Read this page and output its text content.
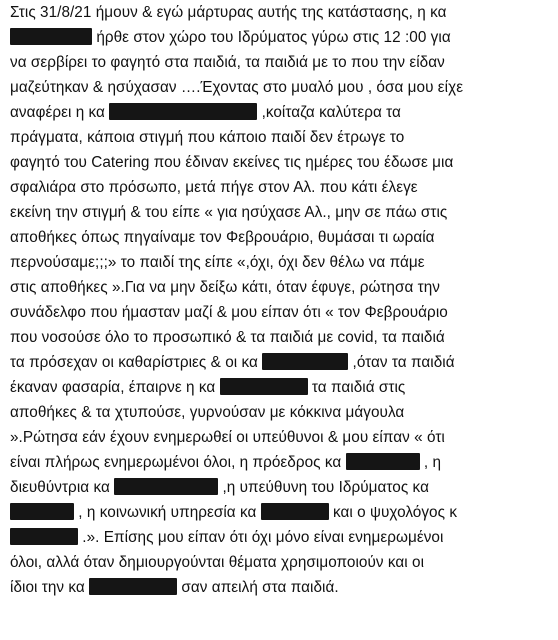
Στις 31/8/21 ήμουν & εγώ μάρτυρας αυτής της κατάστασης, η κα
ήρθε στον χώρο του Ιδρύματος γύρω στις 12 :00 για
να σερβίρει το φαγητό στα παιδιά, τα παιδιά με το που την είδαν
μαζεύτηκαν & ησύχασαν ….Έχοντας στο μυαλό μου , όσα μου είχε
αναφέρει η κα	,κοίταζα καλύτερα τα
πράγματα, κάποια στιγμή που κάποιο παιδί δεν έτρωγε το
φαγητό του Catering που έδιναν εκείνες τις ημέρες του έδωσε μια
σφαλιάρα στο πρόσωπο, μετά πήγε στον Αλ. που κάτι έλεγε
εκείνη την στιγμή & του είπε « για ησύχασε Αλ., μην σε πάω στις
αποθήκες όπως πηγαίναμε τον Φεβρουάριο, θυμάσαι τι ωραία
περνούσαμε;;;» το παιδί της είπε «,όχι, όχι δεν θέλω να πάμε
στις αποθήκες ».Για να μην δείξω κάτι, όταν έφυγε, ρώτησα την
συνάδελφο που ήμασταν μαζί & μου είπαν ότι « τον Φεβρουάριο
που νοσούσε όλο το προσωπικό & τα παιδιά με covid, τα παιδιά
τα πρόσεχαν οι καθαρίστριες & οι κα	,όταν τα παιδιά
έκαναν φασαρία, έπαιρνε η κα	τα παιδιά στις
αποθήκες & τα χτυπούσε, γυρνούσαν με κόκκινα μάγουλα
».Ρώτησα εάν έχουν ενημερωθεί οι υπεύθυνοι & μου είπαν « ότι
είναι πλήρως ενημερωμένοι όλοι, η πρόεδρος κα	, η
διευθύντρια κα	,η υπεύθυνη του Ιδρύματος κα
, η κοινωνική υπηρεσία κα	και ο ψυχολόγος κ
.». Επίσης μου είπαν ότι όχι μόνο είναι ενημερωμένοι
όλοι, αλλά όταν δημιουργούνται θέματα χρησιμοποιούν και οι
ίδιοι την κα	σαν απειλή στα παιδιά.
